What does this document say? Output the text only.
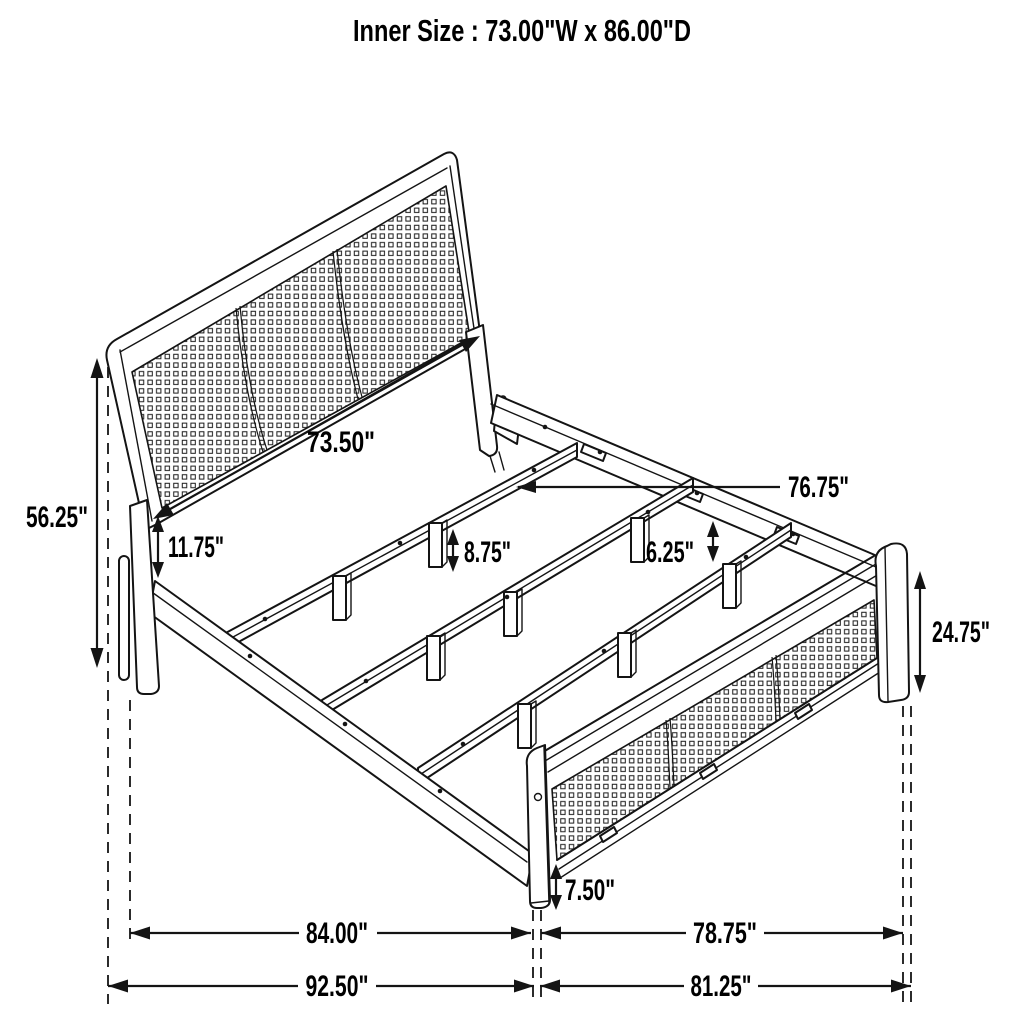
Inner Size : 73.00"W x 86.00"D
56.25"
11.75"
73.50"
8.75"	6.25"
76.75"
24.75"
7.50"
84.00"	78.75"
92.50"	81.25"
